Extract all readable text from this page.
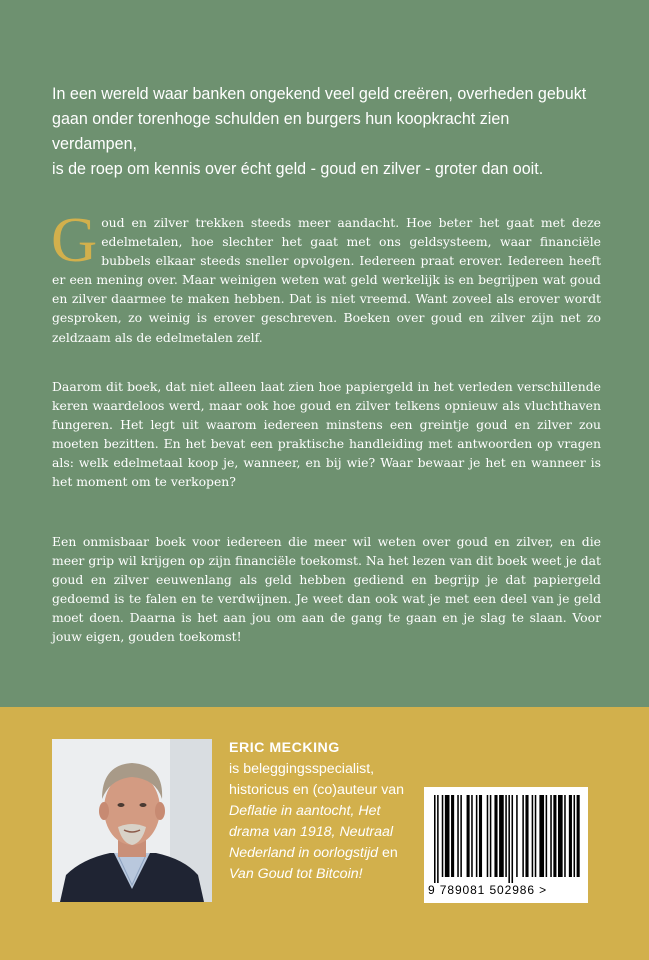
In een wereld waar banken ongekend veel geld creëren, overheden gebukt
gaan onder torenhoge schulden en burgers hun koopkracht zien verdampen,
is de roep om kennis over écht geld - goud en zilver - groter dan ooit.
Goud en zilver trekken steeds meer aandacht. Hoe beter het gaat met deze edelmetalen, hoe slechter het gaat met ons geldsysteem, waar financiële bubbels elkaar steeds sneller opvolgen. Iedereen praat erover. Iedereen heeft er een mening over. Maar weinigen weten wat geld werkelijk is en begrijpen wat goud en zilver daarmee te maken hebben. Dat is niet vreemd. Want zoveel als erover wordt gesproken, zo weinig is erover geschreven. Boeken over goud en zilver zijn net zo zeldzaam als de edelmetalen zelf.
Daarom dit boek, dat niet alleen laat zien hoe papiergeld in het verleden verschillende keren waardeloos werd, maar ook hoe goud en zilver telkens opnieuw als vluchthaven fungeren. Het legt uit waarom iedereen minstens een greintje goud en zilver zou moeten bezitten. En het bevat een praktische handleiding met antwoorden op vragen als: welk edelmetaal koop je, wanneer, en bij wie? Waar bewaar je het en wanneer is het moment om te verkopen?
Een onmisbaar boek voor iedereen die meer wil weten over goud en zilver, en die meer grip wil krijgen op zijn financiële toekomst. Na het lezen van dit boek weet je dat goud en zilver eeuwenlang als geld hebben gediend en begrijp je dat papiergeld gedoemd is te falen en te verdwijnen. Je weet dan ook wat je met een deel van je geld moet doen. Daarna is het aan jou om aan de gang te gaan en je slag te slaan. Voor jouw eigen, gouden toekomst!
ERIC MECKING
is beleggingsspecialist, historicus en (co)auteur van Deflatie in aantocht, Het drama van 1918, Neutraal Nederland in oorlogstijd en Van Goud tot Bitcoin!
9 789081 502986 >
